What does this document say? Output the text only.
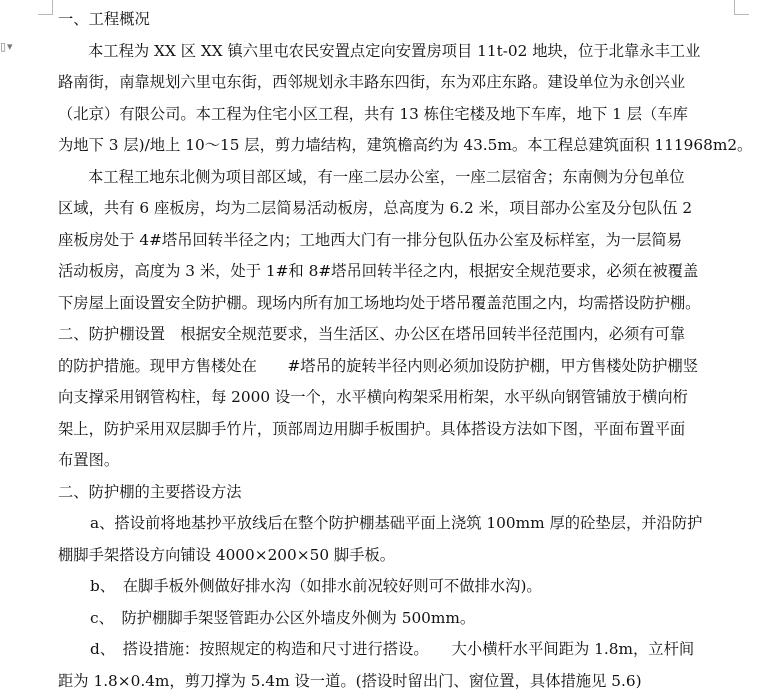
▯▾
一、工程概况
本工程为 XX 区 XX 镇六里屯农民安置点定向安置房项目 11t-02 地块，位于北靠永丰工业
路南街，南靠规划六里屯东街，西邻规划永丰路东四街，东为邓庄东路。建设单位为永创兴业
（北京）有限公司。本工程为住宅小区工程，共有 13 栋住宅楼及地下车库，地下 1 层（车库
为地下 3 层)/地上 10～15 层，剪力墙结构，建筑檐高约为 43.5m。本工程总建筑面积 111968m2。
本工程工地东北侧为项目部区域，有一座二层办公室，一座二层宿舍；东南侧为分包单位
区域，共有 6 座板房，均为二层简易活动板房，总高度为 6.2 米，项目部办公室及分包队伍 2
座板房处于 4#塔吊回转半径之内；工地西大门有一排分包队伍办公室及标样室，为一层简易
活动板房，高度为 3 米，处于 1#和 8#塔吊回转半径之内，根据安全规范要求，必须在被覆盖
下房屋上面设置安全防护棚。现场内所有加工场地均处于塔吊覆盖范围之内，均需搭设防护棚。
二、防护棚设置　根据安全规范要求，当生活区、办公区在塔吊回转半径范围内，必须有可靠
的防护措施。现甲方售楼处在　　#塔吊的旋转半径内则必须加设防护棚，甲方售楼处防护棚竖
向支撑采用钢管构柱，每 2000 设一个，水平横向构架采用桁架，水平纵向钢管铺放于横向桁
架上，防护采用双层脚手竹片，顶部周边用脚手板围护。具体搭设方法如下图，平面布置平面
布置图。
二、防护棚的主要搭设方法
a、搭设前将地基抄平放线后在整个防护棚基础平面上浇筑 100mm 厚的砼垫层，并沿防护
棚脚手架搭设方向铺设 4000×200×50 脚手板。
b、　在脚手板外侧做好排水沟（如排水前况较好则可不做排水沟)。
c、　防护棚脚手架竖管距办公区外墙皮外侧为 500mm。
d、　搭设措施：按照规定的构造和尺寸进行搭设。　　大小横杆水平间距为 1.8m，立杆间
距为 1.8×0.4m，剪刀撑为 5.4m 设一道。(搭设时留出门、窗位置，具体措施见 5.6)
